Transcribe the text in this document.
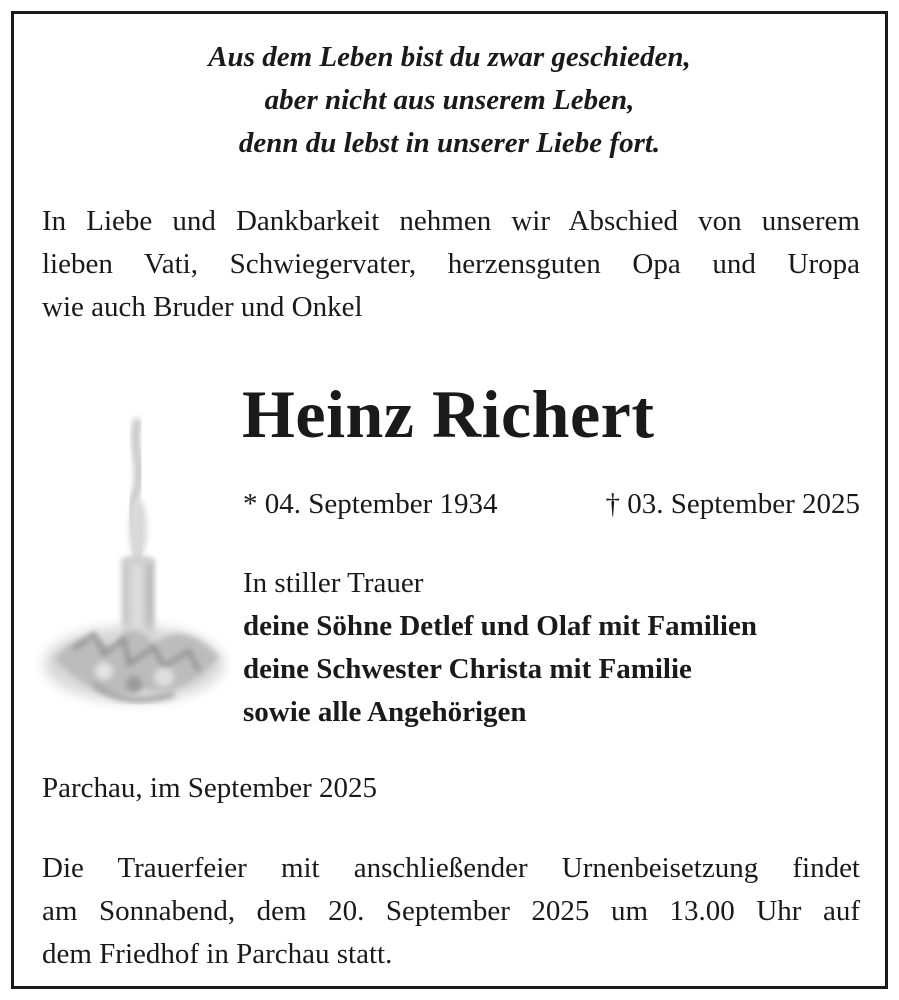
Aus dem Leben bist du zwar geschieden,
aber nicht aus unserem Leben,
denn du lebst in unserer Liebe fort.
In Liebe und Dankbarkeit nehmen wir Abschied von unserem
lieben Vati, Schwiegervater, herzensguten Opa und Uropa
wie auch Bruder und Onkel
Heinz Richert
* 04. September 1934	† 03. September 2025
In stiller Trauer
deine Söhne Detlef und Olaf mit Familien
deine Schwester Christa mit Familie
sowie alle Angehörigen
Parchau, im September 2025
Die Trauerfeier mit anschließender Urnenbeisetzung findet
am Sonnabend, dem 20. September 2025 um 13.00 Uhr auf
dem Friedhof in Parchau statt.
